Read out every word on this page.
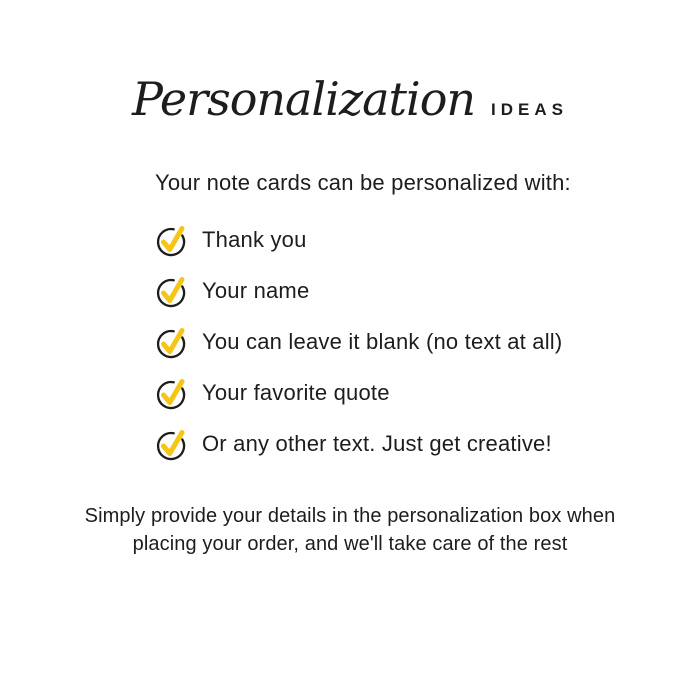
Personalization IDEAS

Your note cards can be personalized with:

Thank you
Your name
You can leave it blank (no text at all)
Your favorite quote
Or any other text. Just get creative!

Simply provide your details in the personalization box when
placing your order, and we'll take care of the rest
